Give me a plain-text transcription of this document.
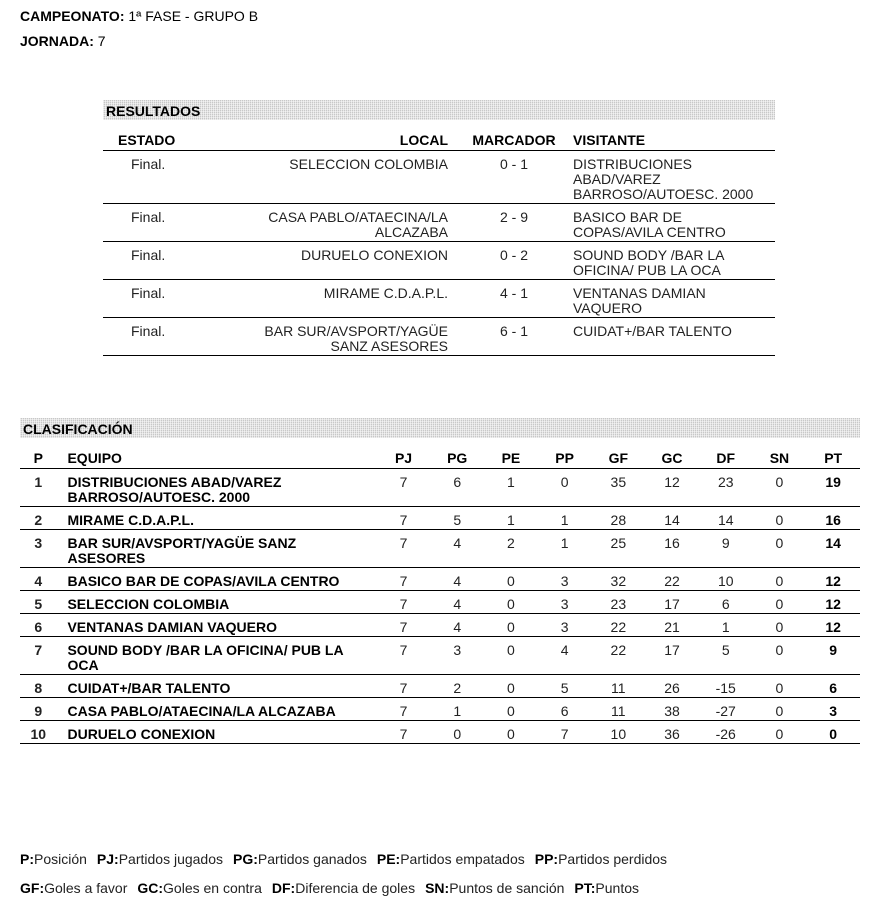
CAMPEONATO: 1ª FASE - GRUPO B
JORNADA: 7
RESULTADOS
ESTADO	LOCAL	MARCADOR	VISITANTE
Final.	SELECCION COLOMBIA	0 - 1	DISTRIBUCIONES ABAD/VAREZ BARROSO/AUTOESC. 2000
Final.	CASA PABLO/ATAECINA/LA ALCAZABA	2 - 9	BASICO BAR DE COPAS/AVILA CENTRO
Final.	DURUELO CONEXION	0 - 2	SOUND BODY /BAR LA OFICINA/ PUB LA OCA
Final.	MIRAME C.D.A.P.L.	4 - 1	VENTANAS DAMIAN VAQUERO
Final.	BAR SUR/AVSPORT/YAGÜE SANZ ASESORES	6 - 1	CUIDAT+/BAR TALENTO
CLASIFICACIÓN
P	EQUIPO	PJ	PG	PE	PP	GF	GC	DF	SN	PT
1	DISTRIBUCIONES ABAD/VAREZ BARROSO/AUTOESC. 2000	7	6	1	0	35	12	23	0	19
2	MIRAME C.D.A.P.L.	7	5	1	1	28	14	14	0	16
3	BAR SUR/AVSPORT/YAGÜE SANZ ASESORES	7	4	2	1	25	16	9	0	14
4	BASICO BAR DE COPAS/AVILA CENTRO	7	4	0	3	32	22	10	0	12
5	SELECCION COLOMBIA	7	4	0	3	23	17	6	0	12
6	VENTANAS DAMIAN VAQUERO	7	4	0	3	22	21	1	0	12
7	SOUND BODY /BAR LA OFICINA/ PUB LA OCA	7	3	0	4	22	17	5	0	9
8	CUIDAT+/BAR TALENTO	7	2	0	5	11	26	-15	0	6
9	CASA PABLO/ATAECINA/LA ALCAZABA	7	1	0	6	11	38	-27	0	3
10	DURUELO CONEXION	7	0	0	7	10	36	-26	0	0
P:Posición PJ:Partidos jugados PG:Partidos ganados PE:Partidos empatados PP:Partidos perdidos
GF:Goles a favor GC:Goles en contra DF:Diferencia de goles SN:Puntos de sanción PT:Puntos
